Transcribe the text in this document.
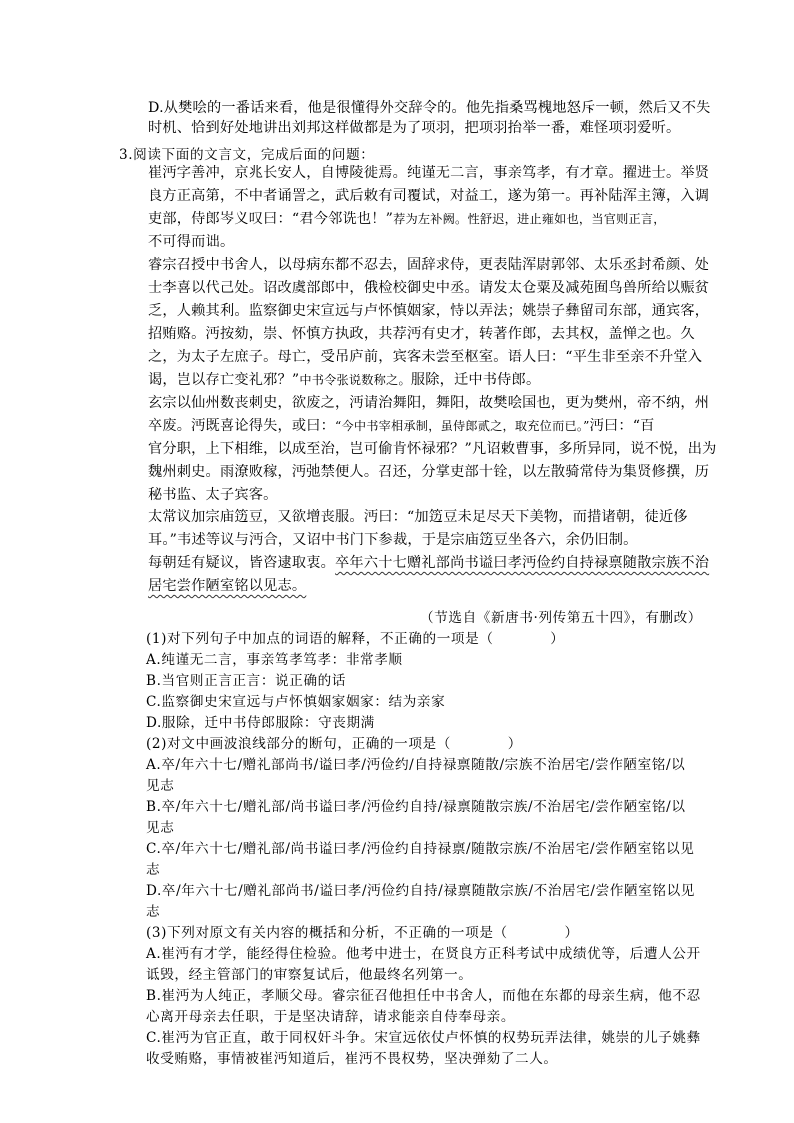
D.从樊哙的一番话来看，他是很懂得外交辞令的。他先指桑骂槐地怒斥一顿，然后又不失
时机、恰到好处地讲出刘邦这样做都是为了项羽，把项羽抬举一番，难怪项羽爱听。
3.阅读下面的文言文，完成后面的问题：
崔沔字善冲，京兆长安人，自博陵徙焉。纯谨无二言，事亲笃孝，有才章。擢进士。举贤
良方正高第，不中者诵詈之，武后敕有司覆试，对益工，遂为第一。再补陆浑主簿，入调
吏部，侍郎岑义叹曰：“君今邻诜也！”荐为左补阙。性舒迟，进止雍如也，当官则正言，
不可得而诎。
睿宗召授中书舍人，以母病东都不忍去，固辞求侍，更表陆浑尉郭邻、太乐丞封希颜、处
士李喜以代己处。诏改虞部郎中，俄检校御史中丞。请发太仓粟及减苑囿鸟兽所给以赈贫
乏，人赖其利。监察御史宋宣远与卢怀慎姻家，恃以弄法；姚崇子彝留司东部，通宾客，
招贿赂。沔按劾，崇、怀慎方执政，共荐沔有史才，转著作郎，去其权，盖惮之也。久
之，为太子左庶子。母亡，受吊庐前，宾客未尝至枢室。语人曰：“平生非至亲不升堂入
谒，岂以存亡变礼邪？”中书令张说数称之。服除，迁中书侍郎。
玄宗以仙州数丧刺史，欲废之，沔请治舞阳，舞阳，故樊哙国也，更为樊州，帝不纳，州
卒废。沔既喜论得失，或曰：“今中书宰相承制，虽侍郎贰之，取充位而已。”沔曰：“百
官分职，上下相维，以成至治，岂可偷肯怀禄邪？”凡诏敕曹事，多所异同，说不悦，出为
魏州刺史。雨潦败稼，沔弛禁便人。召还，分掌吏部十铨，以左散骑常侍为集贤修撰，历
秘书监、太子宾客。
太常议加宗庙笾豆，又欲增丧服。沔曰：“加笾豆未足尽天下美物，而措诸朝，徒近侈
耳。”韦述等议与沔合，又诏中书门下参裁，于是宗庙笾豆坐各六，余仍旧制。
每朝廷有疑议，皆咨逮取衷。卒年六十七赠礼部尚书谥曰孝沔俭约自持禄禀随散宗族不治
居宅尝作陋室铭以见志。
（节选自《新唐书·列传第五十四》，有删改）
(1)对下列句子中加点的词语的解释，不正确的一项是（　　　　）
A.纯谨无二言，事亲笃孝笃孝：非常孝顺
B.当官则正言正言：说正确的话
C.监察御史宋宣远与卢怀慎姻家姻家：结为亲家
D.服除，迁中书侍郎服除：守丧期满
(2)对文中画波浪线部分的断句，正确的一项是（　　　　）
A.卒/年六十七/赠礼部尚书/谥曰孝/沔俭约/自持禄禀随散/宗族不治居宅/尝作陋室铭/以
见志
B.卒/年六十七/赠礼部/尚书谥曰孝/沔俭约自持/禄禀随散宗族/不治居宅/尝作陋室铭/以
见志
C.卒/年六十七/赠礼部/尚书谥曰孝/沔俭约自持禄禀/随散宗族/不治居宅/尝作陋室铭以见
志
D.卒/年六十七/赠礼部尚书/谥曰孝/沔俭约自持/禄禀随散宗族/不治居宅/尝作陋室铭以见
志
(3)下列对原文有关内容的概括和分析，不正确的一项是（　　　　）
A.崔沔有才学，能经得住检验。他考中进士，在贤良方正科考试中成绩优等，后遭人公开
诋毁，经主管部门的审察复试后，他最终名列第一。
B.崔沔为人纯正，孝顺父母。睿宗征召他担任中书舍人，而他在东都的母亲生病，他不忍
心离开母亲去任职，于是坚决请辞，请求能亲自侍奉母亲。
C.崔沔为官正直，敢于同权奸斗争。宋宣远依仗卢怀慎的权势玩弄法律，姚崇的儿子姚彝
收受贿赂，事情被崔沔知道后，崔沔不畏权势，坚决弹劾了二人。
